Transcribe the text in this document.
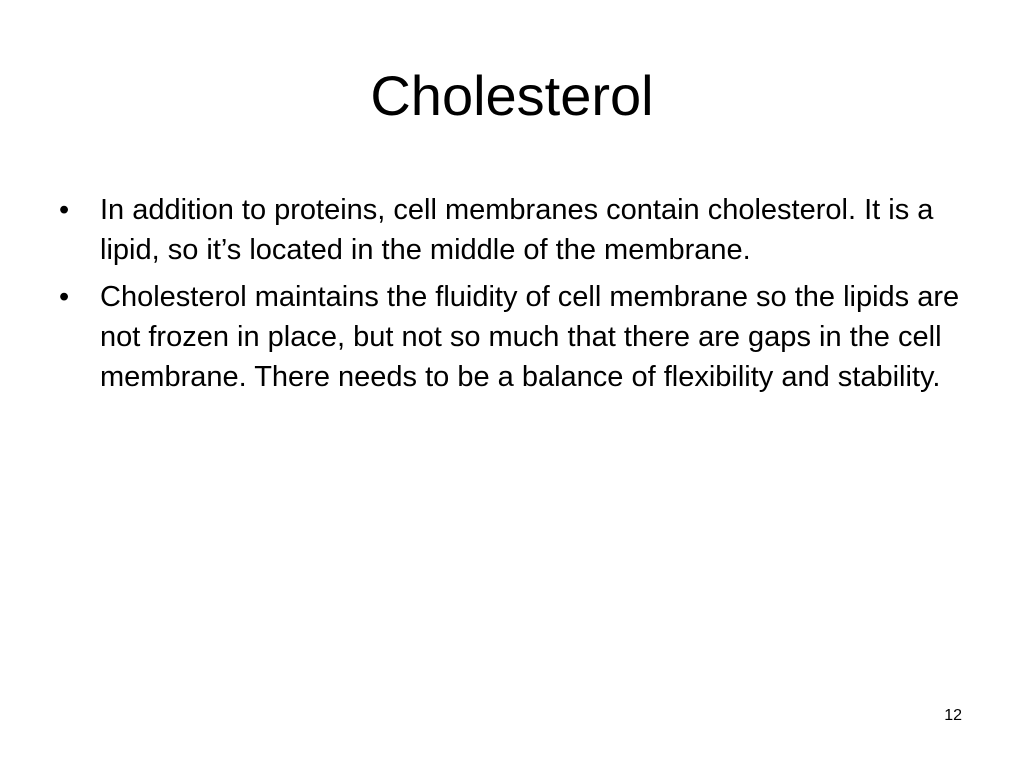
Cholesterol
• In addition to proteins, cell membranes contain cholesterol. It is a lipid, so it’s located in the middle of the membrane.
• Cholesterol maintains the fluidity of cell membrane so the lipids are not frozen in place, but not so much that there are gaps in the cell membrane. There needs to be a balance of flexibility and stability.
12
